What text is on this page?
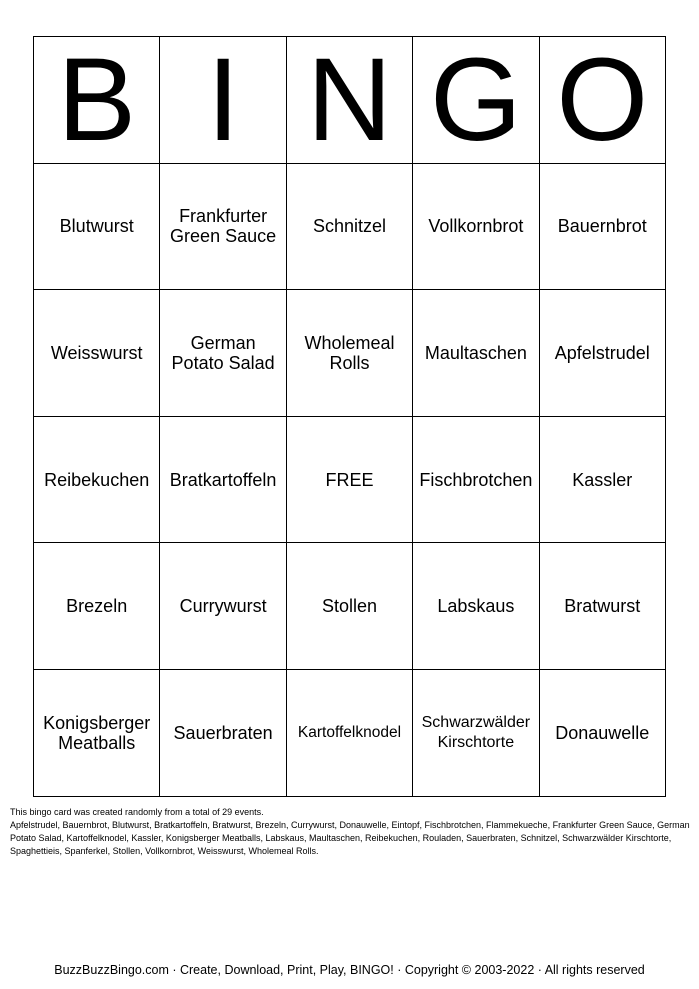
B	I	N	G	O
Blutwurst	Frankfurter Green Sauce	Schnitzel	Vollkornbrot	Bauernbrot
Weisswurst	German Potato Salad	Wholemeal Rolls	Maultaschen	Apfelstrudel
Reibekuchen	Bratkartoffeln	FREE	Fischbrotchen	Kassler
Brezeln	Currywurst	Stollen	Labskaus	Bratwurst
Konigsberger Meatballs	Sauerbraten	Kartoffelknodel	Schwarzwälder Kirschtorte	Donauwelle

This bingo card was created randomly from a total of 29 events.

Apfelstrudel, Bauernbrot, Blutwurst, Bratkartoffeln, Bratwurst, Brezeln, Currywurst, Donauwelle, Eintopf, Fischbrotchen, Flammekueche, Frankfurter Green Sauce, German Potato Salad, Kartoffelknodel, Kassler, Konigsberger Meatballs, Labskaus, Maultaschen, Reibekuchen, Rouladen, Sauerbraten, Schnitzel, Schwarzwälder Kirschtorte, Spaghettieis, Spanferkel, Stollen, Vollkornbrot, Weisswurst, Wholemeal Rolls.

BuzzBuzzBingo.com · Create, Download, Print, Play, BINGO! · Copyright © 2003-2022 · All rights reserved
